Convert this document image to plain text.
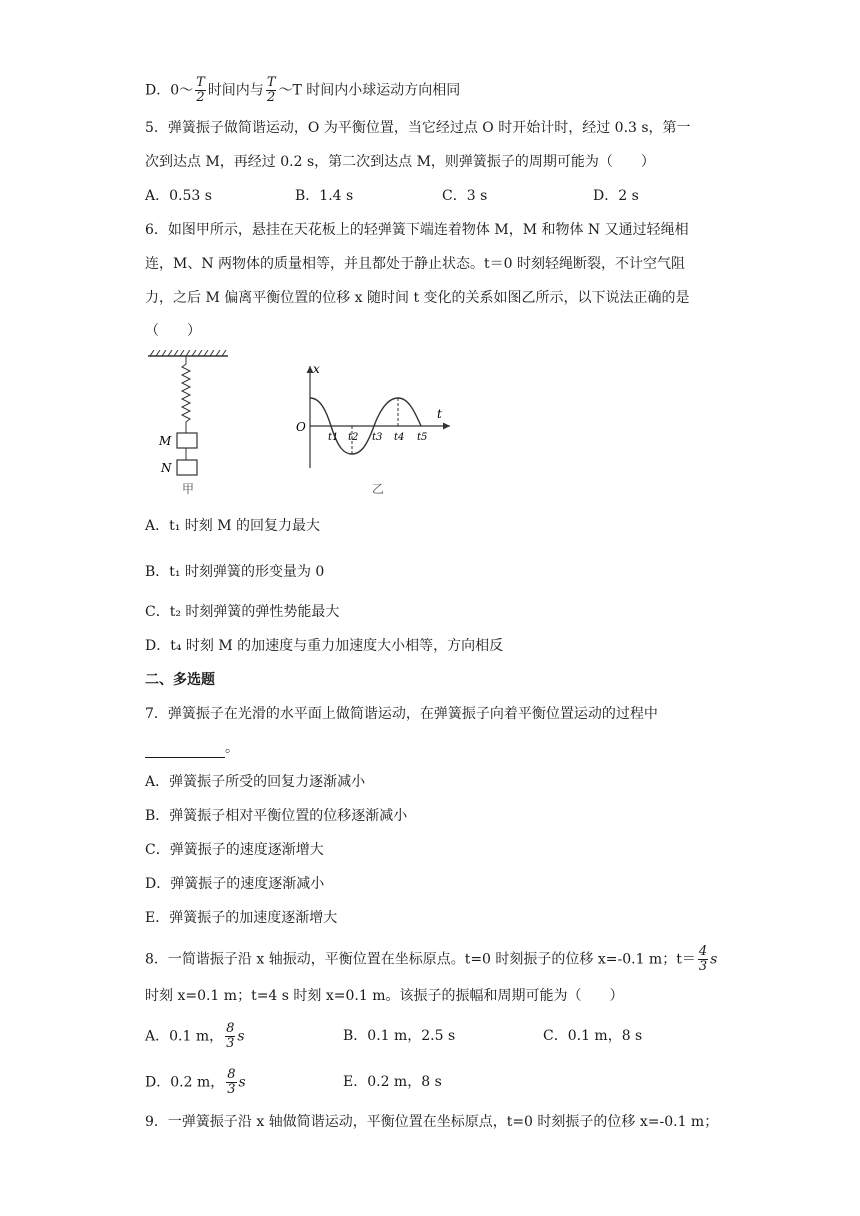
D．0～ $\frac{T}{2}$ 时间内与 $\frac{T}{2}$ ～T 时间内小球运动方向相同
5．弹簧振子做简谐运动，O 为平衡位置，当它经过点 O 时开始计时，经过 0.3 s，第一
次到达点 M，再经过 0.2 s，第二次到达点 M，则弹簧振子的周期可能为（　　）
A．0.53 s	B．1.4 s	C．3 s	D．2 s
6．如图甲所示，悬挂在天花板上的轻弹簧下端连着物体 M，M 和物体 N 又通过轻绳相
连，M、N 两物体的质量相等，并且都处于静止状态。t＝0 时刻轻绳断裂，不计空气阻
力，之后 M 偏离平衡位置的位移 x 随时间 t 变化的关系如图乙所示，以下说法正确的是
（　　）
M
N
甲
x
t
O
t1 t2 t3 t4 t5
乙
A．t₁ 时刻 M 的回复力最大
B．t₁ 时刻弹簧的形变量为 0
C．t₂ 时刻弹簧的弹性势能最大
D．t₄ 时刻 M 的加速度与重力加速度大小相等，方向相反
二、多选题
7．弹簧振子在光滑的水平面上做简谐运动，在弹簧振子向着平衡位置运动的过程中
。
A．弹簧振子所受的回复力逐渐减小
B．弹簧振子相对平衡位置的位移逐渐减小
C．弹簧振子的速度逐渐增大
D．弹簧振子的速度逐渐减小
E．弹簧振子的加速度逐渐增大
8．一简谐振子沿 x 轴振动，平衡位置在坐标原点。t=0 时刻振子的位移 x=-0.1 m；$t= \frac{4}{3}$ s
时刻 x=0.1 m；t=4 s 时刻 x=0.1 m。该振子的振幅和周期可能为（　　）
A．0.1 m， $\frac{8}{3}$ s	B．0.1 m，2.5 s	C．0.1 m，8 s
D．0.2 m， $\frac{8}{3}$ s	E．0.2 m，8 s
9．一弹簧振子沿 x 轴做简谐运动，平衡位置在坐标原点，t=0 时刻振子的位移 x=-0.1 m；
